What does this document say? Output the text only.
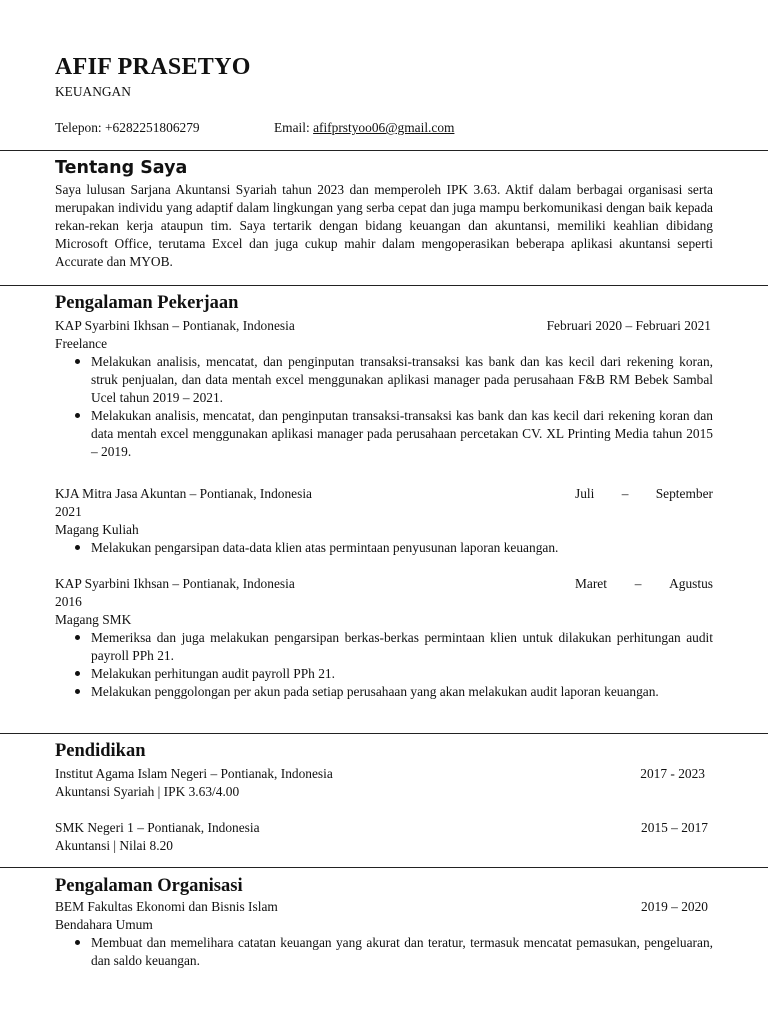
AFIF PRASETYO
KEUANGAN
Telepon: +6282251806279	Email: afifprstyoo06@gmail.com
Tentang Saya

Saya lulusan Sarjana Akuntansi Syariah tahun 2023 dan memperoleh IPK 3.63. Aktif dalam berbagai organisasi serta merupakan individu yang adaptif dalam lingkungan yang serba cepat dan juga mampu berkomunikasi dengan baik kepada rekan-rekan kerja ataupun tim. Saya tertarik dengan bidang keuangan dan akuntansi, memiliki keahlian dibidang Microsoft Office, terutama Excel dan juga cukup mahir dalam mengoperasikan beberapa aplikasi akuntansi seperti Accurate dan MYOB.

Pengalaman Pekerjaan
KAP Syarbini Ikhsan – Pontianak, Indonesia	Februari 2020 – Februari 2021

Freelance

Melakukan analisis, mencatat, dan penginputan transaksi-transaksi kas bank dan kas kecil dari rekening koran, struk penjualan, dan data mentah excel menggunakan aplikasi manager pada perusahaan F&B RM Bebek Sambal Ucel tahun 2019 – 2021.
Melakukan analisis, mencatat, dan penginputan transaksi-transaksi kas bank dan kas kecil dari rekening koran dan data mentah excel menggunakan aplikasi manager pada perusahaan percetakan CV. XL Printing Media tahun 2015 – 2019.
KJA Mitra Jasa Akuntan – Pontianak, Indonesia	Juli – September

2021

Magang Kuliah

Melakukan pengarsipan data-data klien atas permintaan penyusunan laporan keuangan.
KAP Syarbini Ikhsan – Pontianak, Indonesia	Maret – Agustus

2016

Magang SMK

Memeriksa dan juga melakukan pengarsipan berkas-berkas permintaan klien untuk dilakukan perhitungan audit payroll PPh 21.
Melakukan perhitungan audit payroll PPh 21.
Melakukan penggolongan per akun pada setiap perusahaan yang akan melakukan audit laporan keuangan.
Pendidikan
Institut Agama Islam Negeri – Pontianak, Indonesia	2017 - 2023

Akuntansi Syariah | IPK 3.63/4.00

SMK Negeri 1 – Pontianak, Indonesia	2015 – 2017

Akuntansi | Nilai 8.20

Pengalaman Organisasi
BEM Fakultas Ekonomi dan Bisnis Islam	2019 – 2020

Bendahara Umum

Membuat dan memelihara catatan keuangan yang akurat dan teratur, termasuk mencatat pemasukan, pengeluaran, dan saldo keuangan.
